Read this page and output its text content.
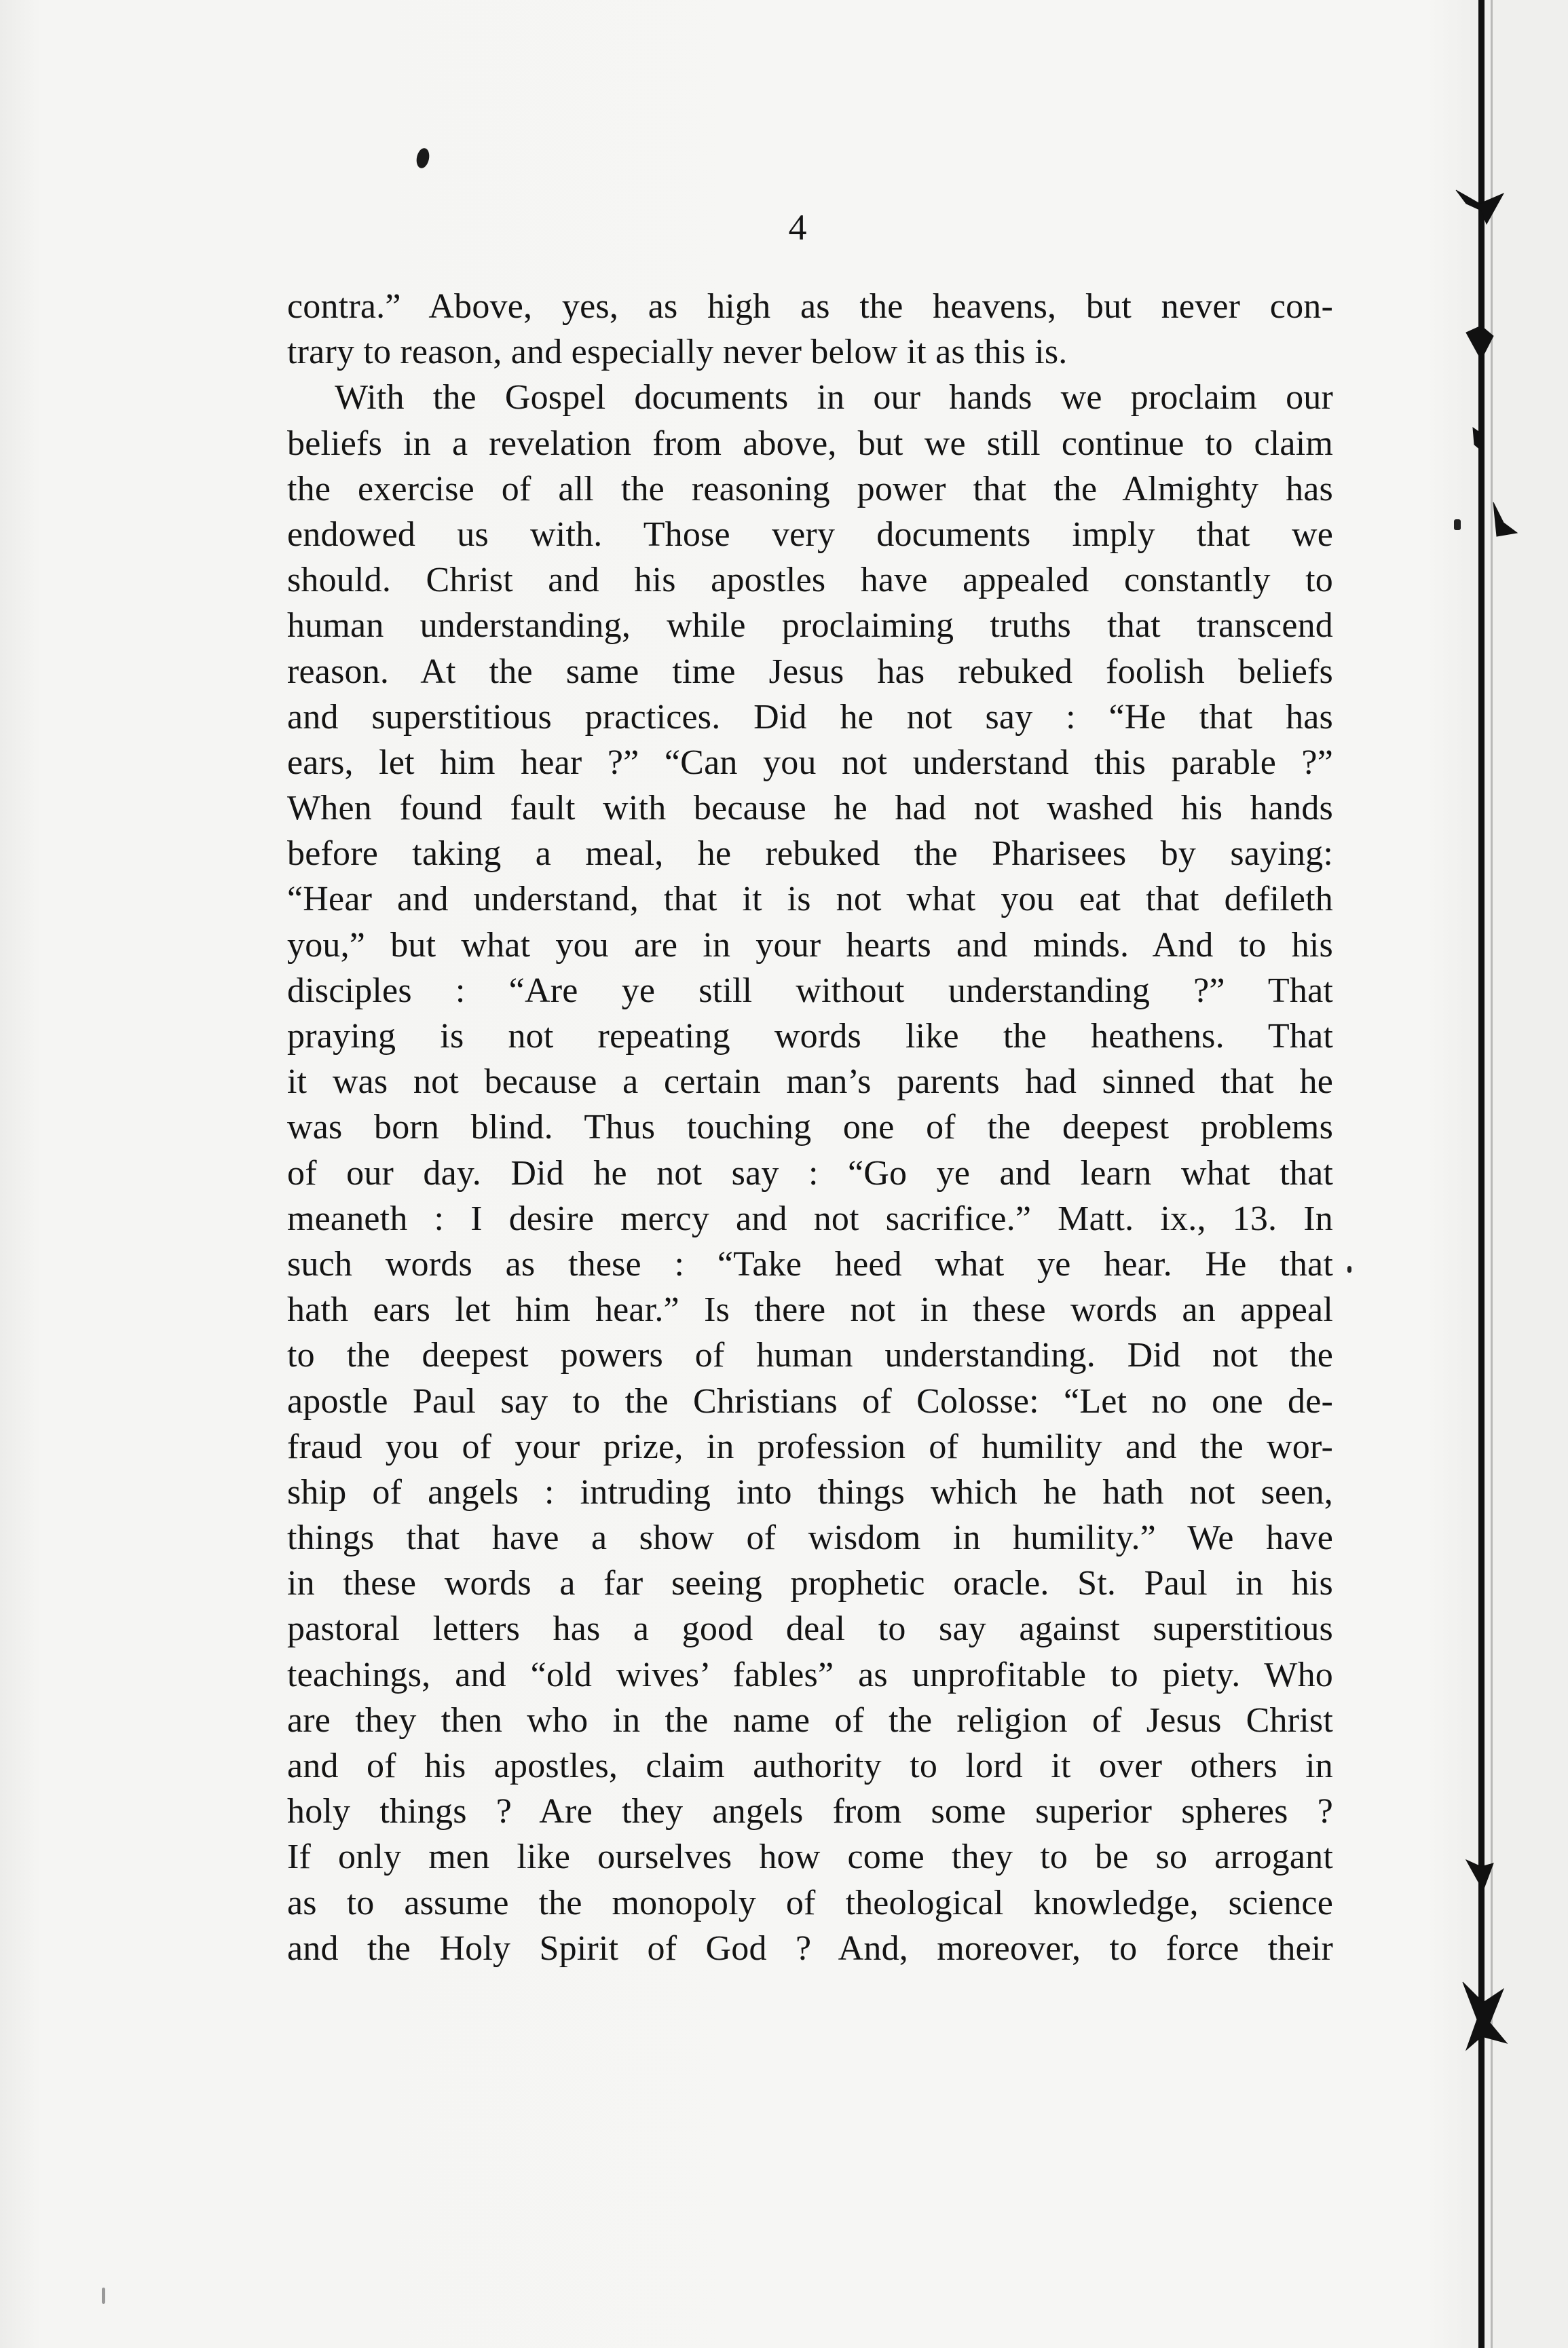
4
contra.” Above, yes, as high as the heavens, but never con-
trary to reason, and especially never below it as this is.
With the Gospel documents in our hands we proclaim our
beliefs in a revelation from above, but we still continue to claim
the exercise of all the reasoning power that the Almighty has
endowed us with. Those very documents imply that we
should. Christ and his apostles have appealed constantly to
human understanding, while proclaiming truths that transcend
reason. At the same time Jesus has rebuked foolish beliefs
and superstitious practices. Did he not say : “He that has
ears, let him hear ?” “Can you not understand this parable ?”
When found fault with because he had not washed his hands
before taking a meal, he rebuked the Pharisees by saying:
“Hear and understand, that it is not what you eat that defileth
you,” but what you are in your hearts and minds. And to his
disciples : “Are ye still without understanding ?” That
praying is not repeating words like the heathens. That
it was not because a certain man’s parents had sinned that he
was born blind. Thus touching one of the deepest problems
of our day. Did he not say : “Go ye and learn what that
meaneth : I desire mercy and not sacrifice.” Matt. ix., 13. In
such words as these : “Take heed what ye hear. He that
hath ears let him hear.” Is there not in these words an appeal
to the deepest powers of human understanding. Did not the
apostle Paul say to the Christians of Colosse: “Let no one de-
fraud you of your prize, in profession of humility and the wor-
ship of angels : intruding into things which he hath not seen,
things that have a show of wisdom in humility.” We have
in these words a far seeing prophetic oracle. St. Paul in his
pastoral letters has a good deal to say against superstitious
teachings, and “old wives’ fables” as unprofitable to piety. Who
are they then who in the name of the religion of Jesus Christ
and of his apostles, claim authority to lord it over others in
holy things ? Are they angels from some superior spheres ?
If only men like ourselves how come they to be so arrogant
as to assume the monopoly of theological knowledge, science
and the Holy Spirit of God ? And, moreover, to force their
